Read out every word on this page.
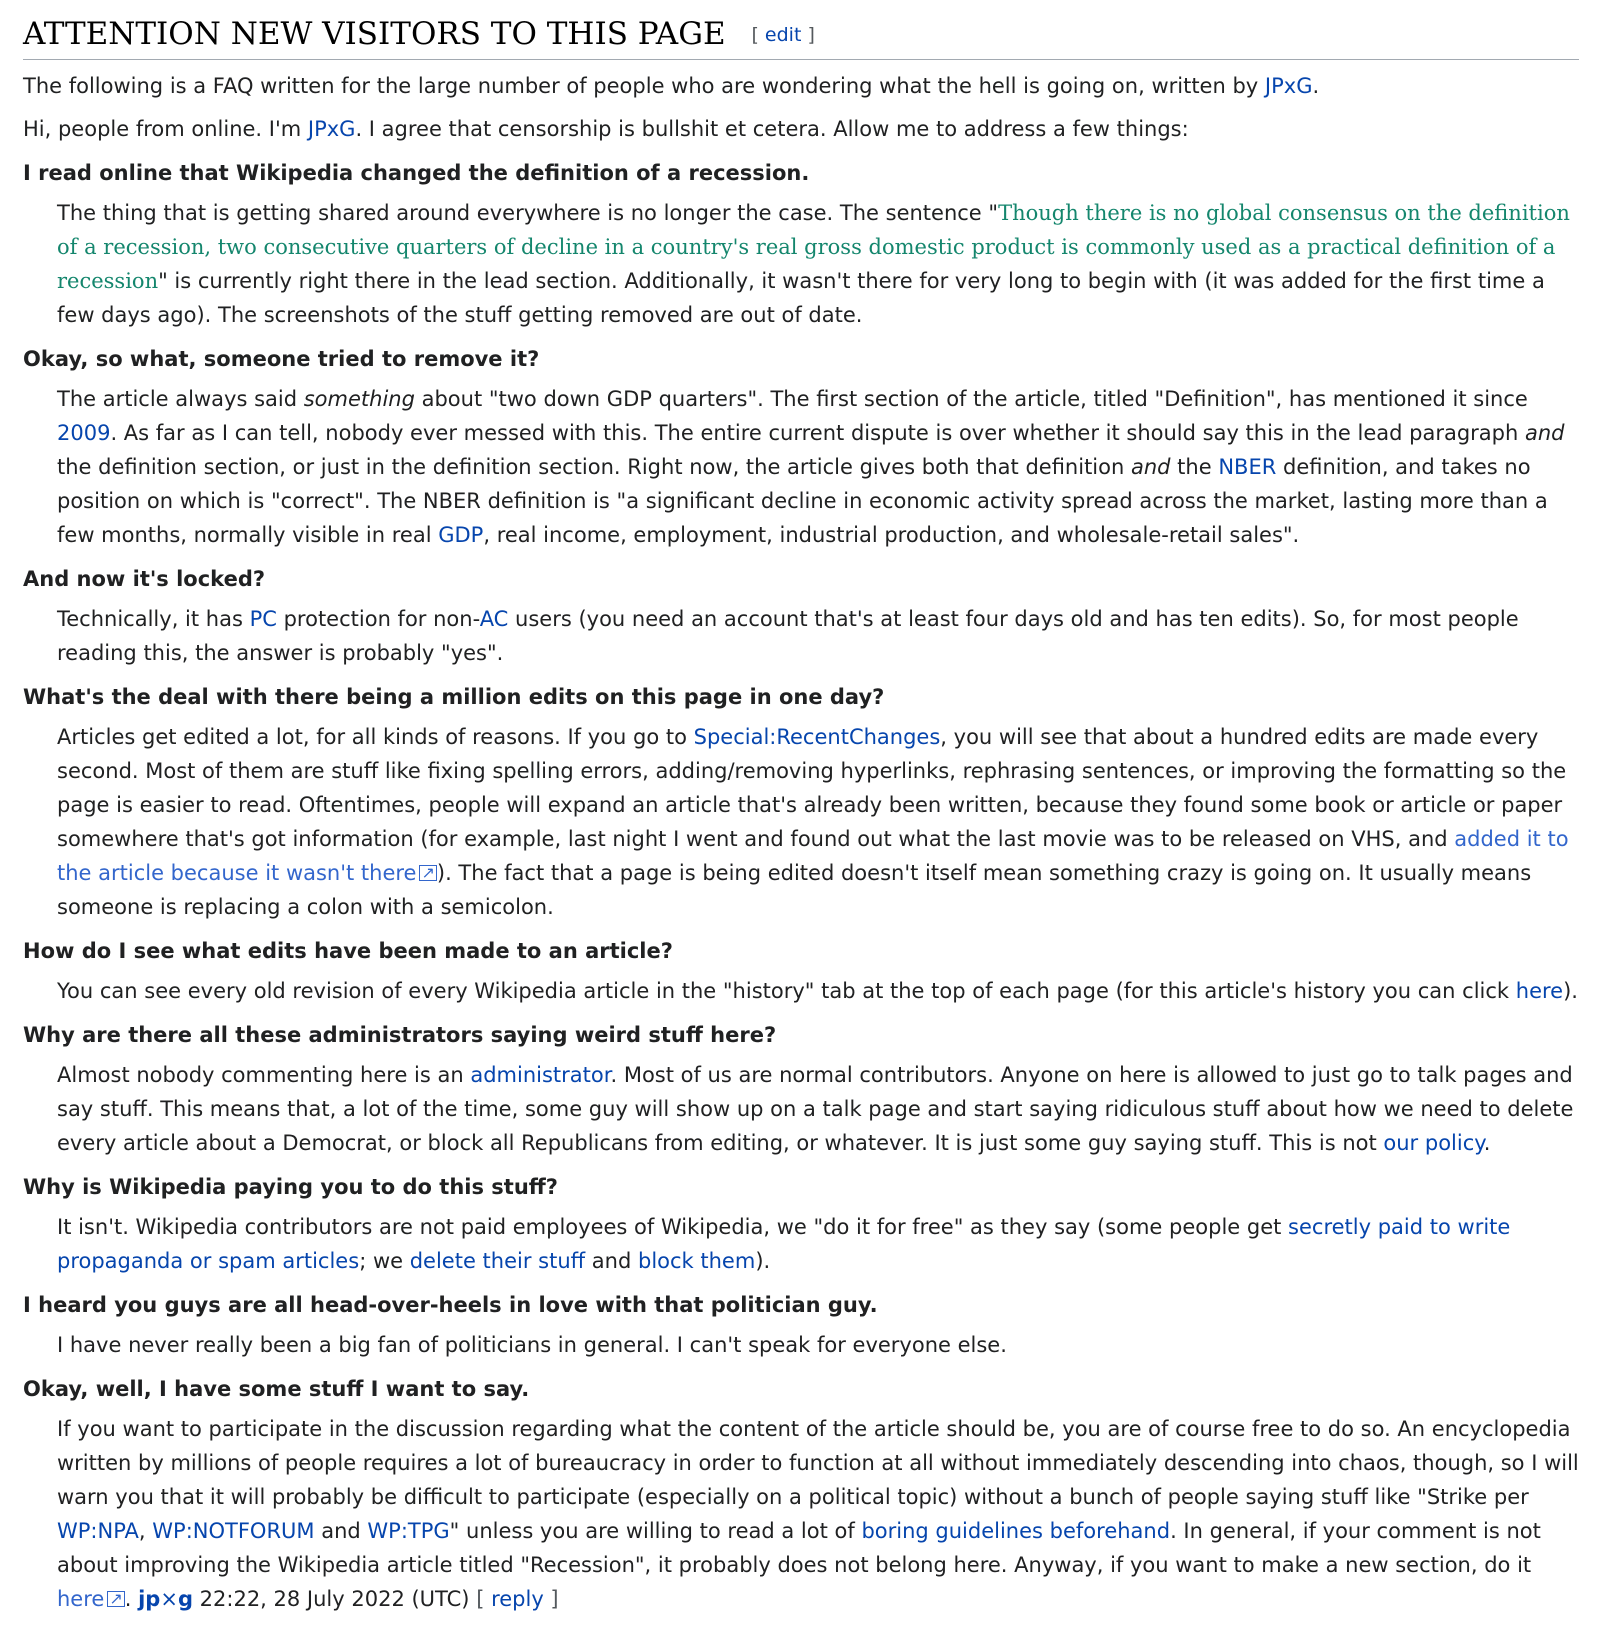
ATTENTION NEW VISITORS TO THIS PAGE [ edit ]

The following is a FAQ written for the large number of people who are wondering what the hell is going on, written by JPxG.

Hi, people from online. I'm JPxG. I agree that censorship is bullshit et cetera. Allow me to address a few things:

I read online that Wikipedia changed the definition of a recession.
The thing that is getting shared around everywhere is no longer the case. The sentence "Though there is no global consensus on the definition of a recession, two consecutive quarters of decline in a country's real gross domestic product is commonly used as a practical definition of a recession" is currently right there in the lead section. Additionally, it wasn't there for very long to begin with (it was added for the first time a few days ago). The screenshots of the stuff getting removed are out of date.
Okay, so what, someone tried to remove it?
The article always said something about "two down GDP quarters". The first section of the article, titled "Definition", has mentioned it since 2009. As far as I can tell, nobody ever messed with this. The entire current dispute is over whether it should say this in the lead paragraph and the definition section, or just in the definition section. Right now, the article gives both that definition and the NBER definition, and takes no position on which is "correct". The NBER definition is "a significant decline in economic activity spread across the market, lasting more than a few months, normally visible in real GDP, real income, employment, industrial production, and wholesale-retail sales".
And now it's locked?
Technically, it has PC protection for non-AC users (you need an account that's at least four days old and has ten edits). So, for most people reading this, the answer is probably "yes".
What's the deal with there being a million edits on this page in one day?
Articles get edited a lot, for all kinds of reasons. If you go to Special:RecentChanges, you will see that about a hundred edits are made every second. Most of them are stuff like fixing spelling errors, adding/removing hyperlinks, rephrasing sentences, or improving the formatting so the page is easier to read. Oftentimes, people will expand an article that's already been written, because they found some book or article or paper somewhere that's got information (for example, last night I went and found out what the last movie was to be released on VHS, and added it to the article because it wasn't there ↗ ). The fact that a page is being edited doesn't itself mean something crazy is going on. It usually means someone is replacing a colon with a semicolon.
How do I see what edits have been made to an article?
You can see every old revision of every Wikipedia article in the "history" tab at the top of each page (for this article's history you can click here).
Why are there all these administrators saying weird stuff here?
Almost nobody commenting here is an administrator. Most of us are normal contributors. Anyone on here is allowed to just go to talk pages and say stuff. This means that, a lot of the time, some guy will show up on a talk page and start saying ridiculous stuff about how we need to delete every article about a Democrat, or block all Republicans from editing, or whatever. It is just some guy saying stuff. This is not our policy.
Why is Wikipedia paying you to do this stuff?
It isn't. Wikipedia contributors are not paid employees of Wikipedia, we "do it for free" as they say (some people get secretly paid to write propaganda or spam articles; we delete their stuff and block them).
I heard you guys are all head-over-heels in love with that politician guy.
I have never really been a big fan of politicians in general. I can't speak for everyone else.
Okay, well, I have some stuff I want to say.
If you want to participate in the discussion regarding what the content of the article should be, you are of course free to do so. An encyclopedia written by millions of people requires a lot of bureaucracy in order to function at all without immediately descending into chaos, though, so I will warn you that it will probably be difficult to participate (especially on a political topic) without a bunch of people saying stuff like "Strike per WP:NPA, WP:NOTFORUM and WP:TPG" unless you are willing to read a lot of boring guidelines beforehand. In general, if your comment is not about improving the Wikipedia article titled "Recession", it probably does not belong here. Anyway, if you want to make a new section, do it here ↗ . jp×g 22:22, 28 July 2022 (UTC) [ reply ]
